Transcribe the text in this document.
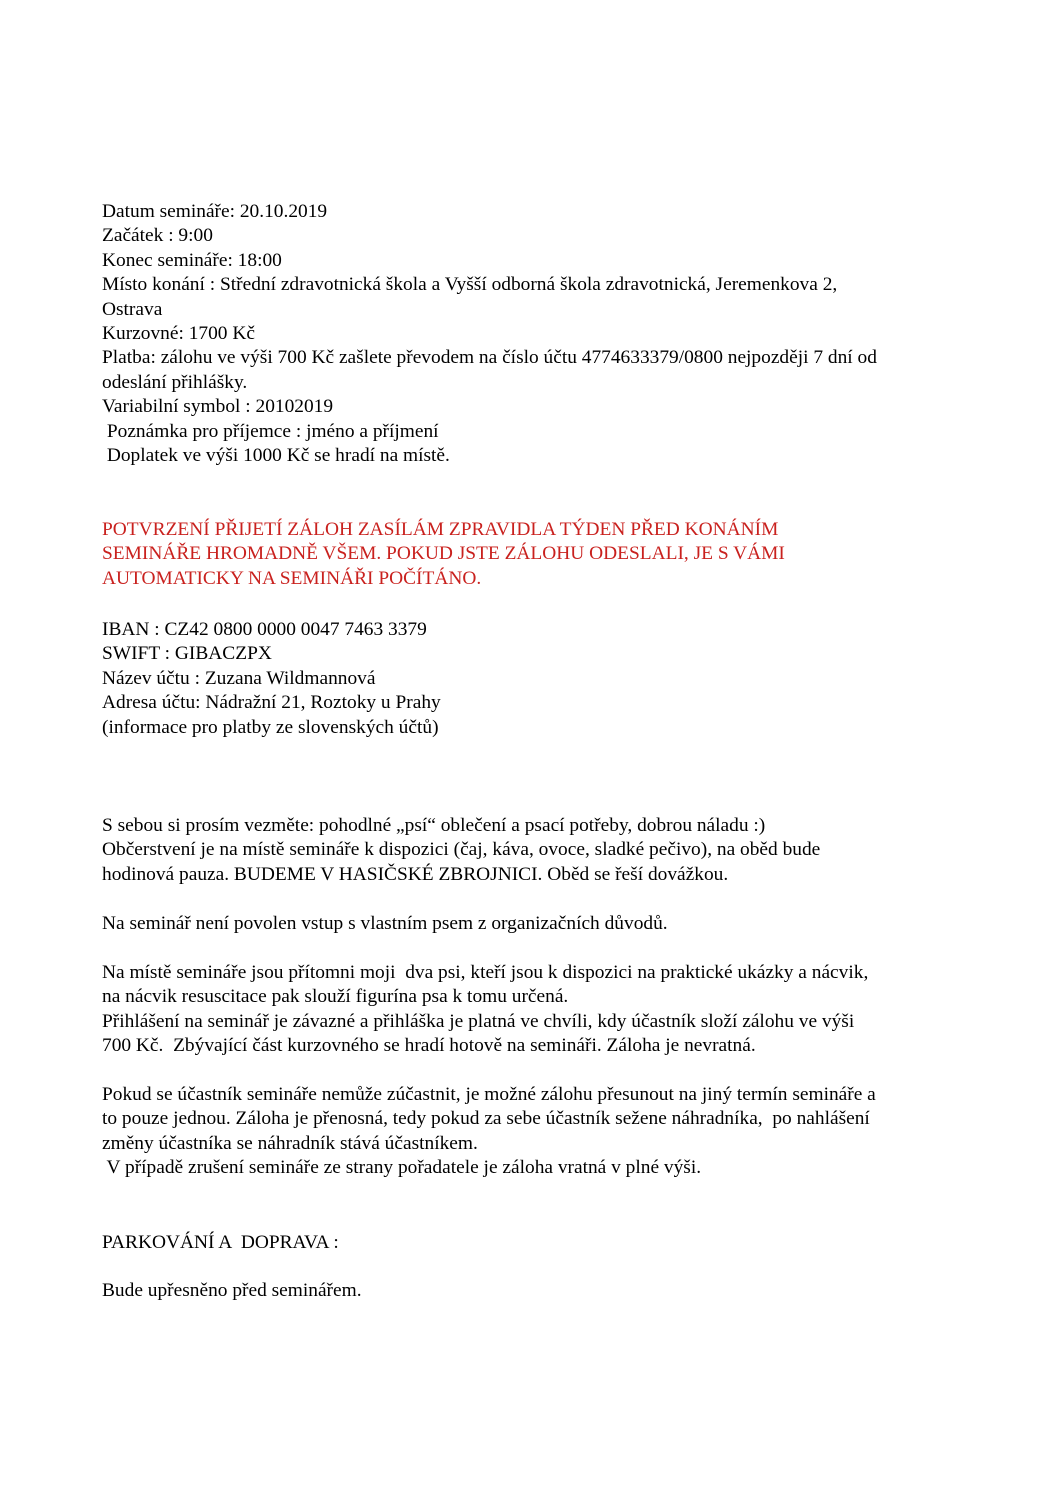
Datum semináře: 20.10.2019
Začátek : 9:00
Konec semináře: 18:00
Místo konání : Střední zdravotnická škola a Vyšší odborná škola zdravotnická, Jeremenkova 2,
Ostrava
Kurzovné: 1700 Kč
Platba: zálohu ve výši 700 Kč zašlete převodem na číslo účtu 4774633379/0800 nejpozději 7 dní od
odeslání přihlášky.
Variabilní symbol : 20102019
Poznámka pro příjemce : jméno a příjmení
Doplatek ve výši 1000 Kč se hradí na místě.
POTVRZENÍ PŘIJETÍ ZÁLOH ZASÍLÁM ZPRAVIDLA TÝDEN PŘED KONÁNÍM
SEMINÁŘE HROMADNĚ VŠEM. POKUD JSTE ZÁLOHU ODESLALI, JE S VÁMI
AUTOMATICKY NA SEMINÁŘI POČÍTÁNO.
IBAN : CZ42 0800 0000 0047 7463 3379
SWIFT : GIBACZPX
Název účtu : Zuzana Wildmannová
Adresa účtu: Nádražní 21, Roztoky u Prahy
(informace pro platby ze slovenských účtů)
S sebou si prosím vezměte: pohodlné „psí“ oblečení a psací potřeby, dobrou náladu :)
Občerstvení je na místě semináře k dispozici (čaj, káva, ovoce, sladké pečivo), na oběd bude
hodinová pauza. BUDEME V HASIČSKÉ ZBROJNICI. Oběd se řeší dovážkou.
Na seminář není povolen vstup s vlastním psem z organizačních důvodů.
Na místě semináře jsou přítomni moji  dva psi, kteří jsou k dispozici na praktické ukázky a nácvik,
na nácvik resuscitace pak slouží figurína psa k tomu určená.
Přihlášení na seminář je závazné a přihláška je platná ve chvíli, kdy účastník složí zálohu ve výši
700 Kč.  Zbývající část kurzovného se hradí hotově na semináři. Záloha je nevratná.
Pokud se účastník semináře nemůže zúčastnit, je možné zálohu přesunout na jiný termín semináře a
to pouze jednou. Záloha je přenosná, tedy pokud za sebe účastník sežene náhradníka,  po nahlášení
změny účastníka se náhradník stává účastníkem.
V případě zrušení semináře ze strany pořadatele je záloha vratná v plné výši.
PARKOVÁNÍ A  DOPRAVA :
Bude upřesněno před seminářem.
